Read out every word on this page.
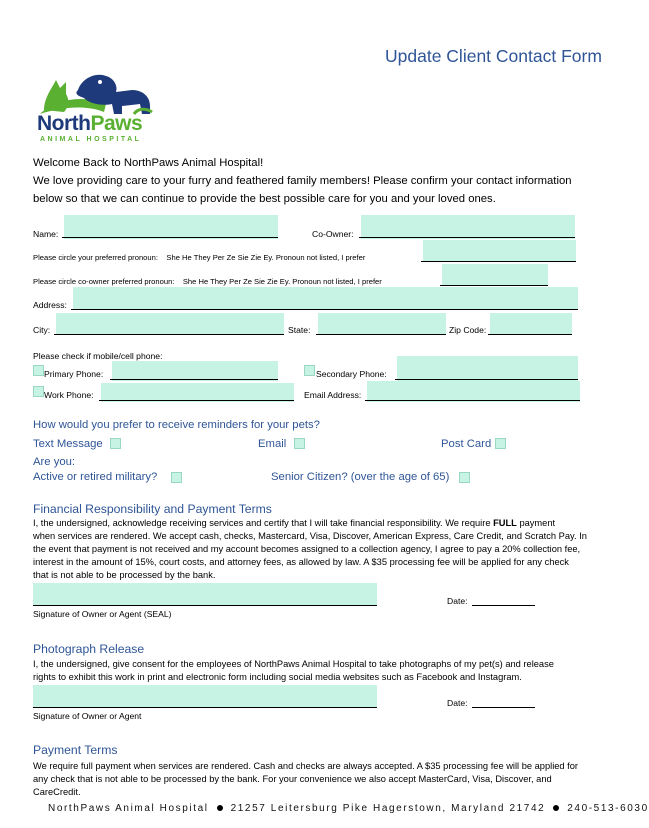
Update Client Contact Form
NorthPaws
ANIMAL HOSPITAL
Welcome Back to NorthPaws Animal Hospital!
We love providing care to your furry and feathered family members! Please confirm your contact information
below so that we can continue to provide the best possible care for you and your loved ones.
Name:	Co-Owner:
Please circle your preferred pronoun: She He They Per Ze Sie Zie Ey. Pronoun not listed, I prefer
Please circle co-owner preferred pronoun: She He They Per Ze Sie Zie Ey. Pronoun not listed, I prefer
Address:
City:	State:	Zip Code:
Please check if mobile/cell phone:
Primary Phone:	Secondary Phone:
Work Phone:	Email Address:
How would you prefer to receive reminders for your pets?
Text Message	Email	Post Card
Are you:
Active or retired military?	Senior Citizen? (over the age of 65)
Financial Responsibility and Payment Terms
I, the undersigned, acknowledge receiving services and certify that I will take financial responsibility. We require FULL payment
when services are rendered. We accept cash, checks, Mastercard, Visa, Discover, American Express, Care Credit, and Scratch Pay. In
the event that payment is not received and my account becomes assigned to a collection agency, I agree to pay a 20% collection fee,
interest in the amount of 15%, court costs, and attorney fees, as allowed by law. A $35 processing fee will be applied for any check
that is not able to be processed by the bank.
Signature of Owner or Agent (SEAL)
Date:
Photograph Release
I, the undersigned, give consent for the employees of NorthPaws Animal Hospital to take photographs of my pet(s) and release
rights to exhibit this work in print and electronic form including social media websites such as Facebook and Instagram.
Signature of Owner or Agent
Date:
Payment Terms
We require full payment when services are rendered. Cash and checks are always accepted. A $35 processing fee will be applied for
any check that is not able to be processed by the bank. For your convenience we also accept MasterCard, Visa, Discover, and
CareCredit.
NorthPaws Animal Hospital 21257 Leitersburg Pike Hagerstown, Maryland 21742 240-513-6030
